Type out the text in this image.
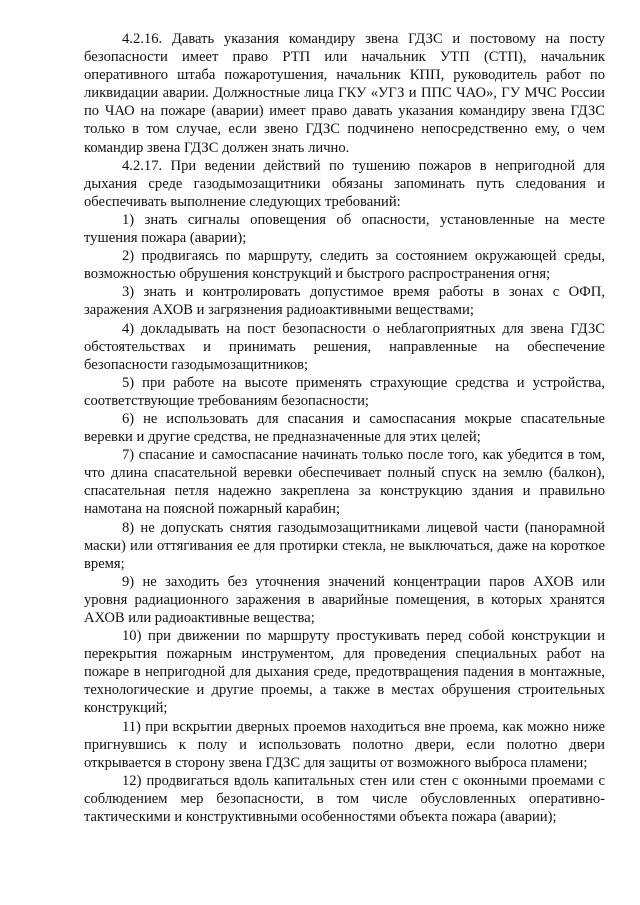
4.2.16. Давать указания командиру звена ГДЗС и постовому на посту безопасности имеет право РТП или начальник УТП (СТП), начальник оперативного штаба пожаротушения, начальник КПП, руководитель работ по ликвидации аварии. Должностные лица ГКУ «УГЗ и ППС ЧАО», ГУ МЧС России по ЧАО на пожаре (аварии) имеет право давать указания командиру звена ГДЗС только в том случае, если звено ГДЗС подчинено непосредственно ему, о чем командир звена ГДЗС должен знать лично.

4.2.17. При ведении действий по тушению пожаров в непригодной для дыхания среде газодымозащитники обязаны запоминать путь следования и обеспечивать выполнение следующих требований:

1) знать сигналы оповещения об опасности, установленные на месте тушения пожара (аварии);

2) продвигаясь по маршруту, следить за состоянием окружающей среды, возможностью обрушения конструкций и быстрого распространения огня;

3) знать и контролировать допустимое время работы в зонах с ОФП, заражения АХОВ и загрязнения радиоактивными веществами;

4) докладывать на пост безопасности о неблагоприятных для звена ГДЗС обстоятельствах и принимать решения, направленные на обеспечение безопасности газодымозащитников;

5) при работе на высоте применять страхующие средства и устройства, соответствующие требованиям безопасности;

6) не использовать для спасания и самоспасания мокрые спасательные веревки и другие средства, не предназначенные для этих целей;

7) спасание и самоспасание начинать только после того, как убедится в том, что длина спасательной веревки обеспечивает полный спуск на землю (балкон), спасательная петля надежно закреплена за конструкцию здания и правильно намотана на поясной пожарный карабин;

8) не допускать снятия газодымозащитниками лицевой части (панорамной маски) или оттягивания ее для протирки стекла, не выключаться, даже на короткое время;

9) не заходить без уточнения значений концентрации паров АХОВ или уровня радиационного заражения в аварийные помещения, в которых хранятся АХОВ или радиоактивные вещества;

10) при движении по маршруту простукивать перед собой конструкции и перекрытия пожарным инструментом, для проведения специальных работ на пожаре в непригодной для дыхания среде, предотвращения падения в монтажные, технологические и другие проемы, а также в местах обрушения строительных конструкций;

11) при вскрытии дверных проемов находиться вне проема, как можно ниже пригнувшись к полу и использовать полотно двери, если полотно двери открывается в сторону звена ГДЗС для защиты от возможного выброса пламени;

12) продвигаться вдоль капитальных стен или стен с оконными проемами с соблюдением мер безопасности, в том числе обусловленных оперативно-тактическими и конструктивными особенностями объекта пожара (аварии);
